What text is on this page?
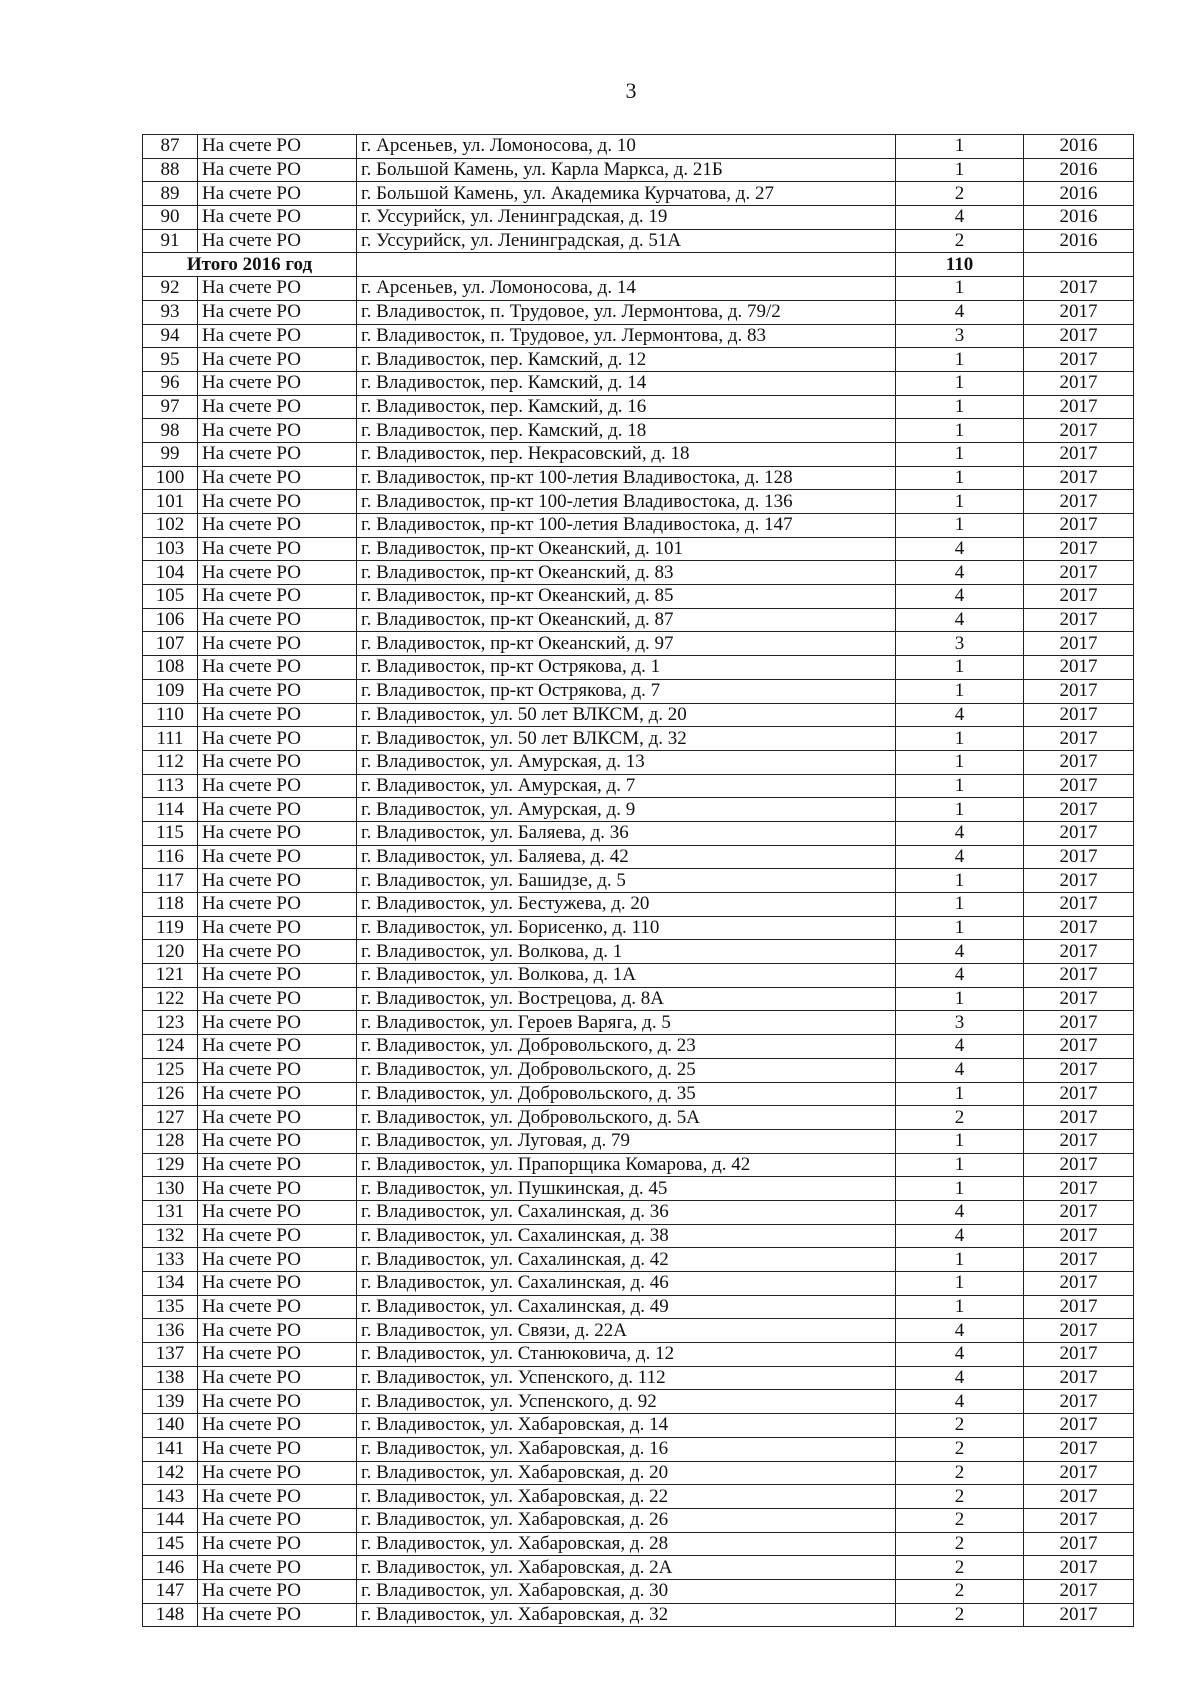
3
87	На счете РО	г. Арсеньев, ул. Ломоносова, д. 10	1	2016
88	На счете РО	г. Большой Камень, ул. Карла Маркса, д. 21Б	1	2016
89	На счете РО	г. Большой Камень, ул. Академика Курчатова, д. 27	2	2016
90	На счете РО	г. Уссурийск, ул. Ленинградская, д. 19	4	2016
91	На счете РО	г. Уссурийск, ул. Ленинградская, д. 51А	2	2016
Итого 2016 год			110	
92	На счете РО	г. Арсеньев, ул. Ломоносова, д. 14	1	2017
93	На счете РО	г. Владивосток, п. Трудовое, ул. Лермонтова, д. 79/2	4	2017
94	На счете РО	г. Владивосток, п. Трудовое, ул. Лермонтова, д. 83	3	2017
95	На счете РО	г. Владивосток, пер. Камский, д. 12	1	2017
96	На счете РО	г. Владивосток, пер. Камский, д. 14	1	2017
97	На счете РО	г. Владивосток, пер. Камский, д. 16	1	2017
98	На счете РО	г. Владивосток, пер. Камский, д. 18	1	2017
99	На счете РО	г. Владивосток, пер. Некрасовский, д. 18	1	2017
100	На счете РО	г. Владивосток, пр-кт 100-летия Владивостока, д. 128	1	2017
101	На счете РО	г. Владивосток, пр-кт 100-летия Владивостока, д. 136	1	2017
102	На счете РО	г. Владивосток, пр-кт 100-летия Владивостока, д. 147	1	2017
103	На счете РО	г. Владивосток, пр-кт Океанский, д. 101	4	2017
104	На счете РО	г. Владивосток, пр-кт Океанский, д. 83	4	2017
105	На счете РО	г. Владивосток, пр-кт Океанский, д. 85	4	2017
106	На счете РО	г. Владивосток, пр-кт Океанский, д. 87	4	2017
107	На счете РО	г. Владивосток, пр-кт Океанский, д. 97	3	2017
108	На счете РО	г. Владивосток, пр-кт Острякова, д. 1	1	2017
109	На счете РО	г. Владивосток, пр-кт Острякова, д. 7	1	2017
110	На счете РО	г. Владивосток, ул. 50 лет ВЛКСМ, д. 20	4	2017
111	На счете РО	г. Владивосток, ул. 50 лет ВЛКСМ, д. 32	1	2017
112	На счете РО	г. Владивосток, ул. Амурская, д. 13	1	2017
113	На счете РО	г. Владивосток, ул. Амурская, д. 7	1	2017
114	На счете РО	г. Владивосток, ул. Амурская, д. 9	1	2017
115	На счете РО	г. Владивосток, ул. Баляева, д. 36	4	2017
116	На счете РО	г. Владивосток, ул. Баляева, д. 42	4	2017
117	На счете РО	г. Владивосток, ул. Башидзе, д. 5	1	2017
118	На счете РО	г. Владивосток, ул. Бестужева, д. 20	1	2017
119	На счете РО	г. Владивосток, ул. Борисенко, д. 110	1	2017
120	На счете РО	г. Владивосток, ул. Волкова, д. 1	4	2017
121	На счете РО	г. Владивосток, ул. Волкова, д. 1А	4	2017
122	На счете РО	г. Владивосток, ул. Вострецова, д. 8А	1	2017
123	На счете РО	г. Владивосток, ул. Героев Варяга, д. 5	3	2017
124	На счете РО	г. Владивосток, ул. Добровольского, д. 23	4	2017
125	На счете РО	г. Владивосток, ул. Добровольского, д. 25	4	2017
126	На счете РО	г. Владивосток, ул. Добровольского, д. 35	1	2017
127	На счете РО	г. Владивосток, ул. Добровольского, д. 5А	2	2017
128	На счете РО	г. Владивосток, ул. Луговая, д. 79	1	2017
129	На счете РО	г. Владивосток, ул. Прапорщика Комарова, д. 42	1	2017
130	На счете РО	г. Владивосток, ул. Пушкинская, д. 45	1	2017
131	На счете РО	г. Владивосток, ул. Сахалинская, д. 36	4	2017
132	На счете РО	г. Владивосток, ул. Сахалинская, д. 38	4	2017
133	На счете РО	г. Владивосток, ул. Сахалинская, д. 42	1	2017
134	На счете РО	г. Владивосток, ул. Сахалинская, д. 46	1	2017
135	На счете РО	г. Владивосток, ул. Сахалинская, д. 49	1	2017
136	На счете РО	г. Владивосток, ул. Связи, д. 22А	4	2017
137	На счете РО	г. Владивосток, ул. Станюковича, д. 12	4	2017
138	На счете РО	г. Владивосток, ул. Успенского, д. 112	4	2017
139	На счете РО	г. Владивосток, ул. Успенского, д. 92	4	2017
140	На счете РО	г. Владивосток, ул. Хабаровская, д. 14	2	2017
141	На счете РО	г. Владивосток, ул. Хабаровская, д. 16	2	2017
142	На счете РО	г. Владивосток, ул. Хабаровская, д. 20	2	2017
143	На счете РО	г. Владивосток, ул. Хабаровская, д. 22	2	2017
144	На счете РО	г. Владивосток, ул. Хабаровская, д. 26	2	2017
145	На счете РО	г. Владивосток, ул. Хабаровская, д. 28	2	2017
146	На счете РО	г. Владивосток, ул. Хабаровская, д. 2А	2	2017
147	На счете РО	г. Владивосток, ул. Хабаровская, д. 30	2	2017
148	На счете РО	г. Владивосток, ул. Хабаровская, д. 32	2	2017
